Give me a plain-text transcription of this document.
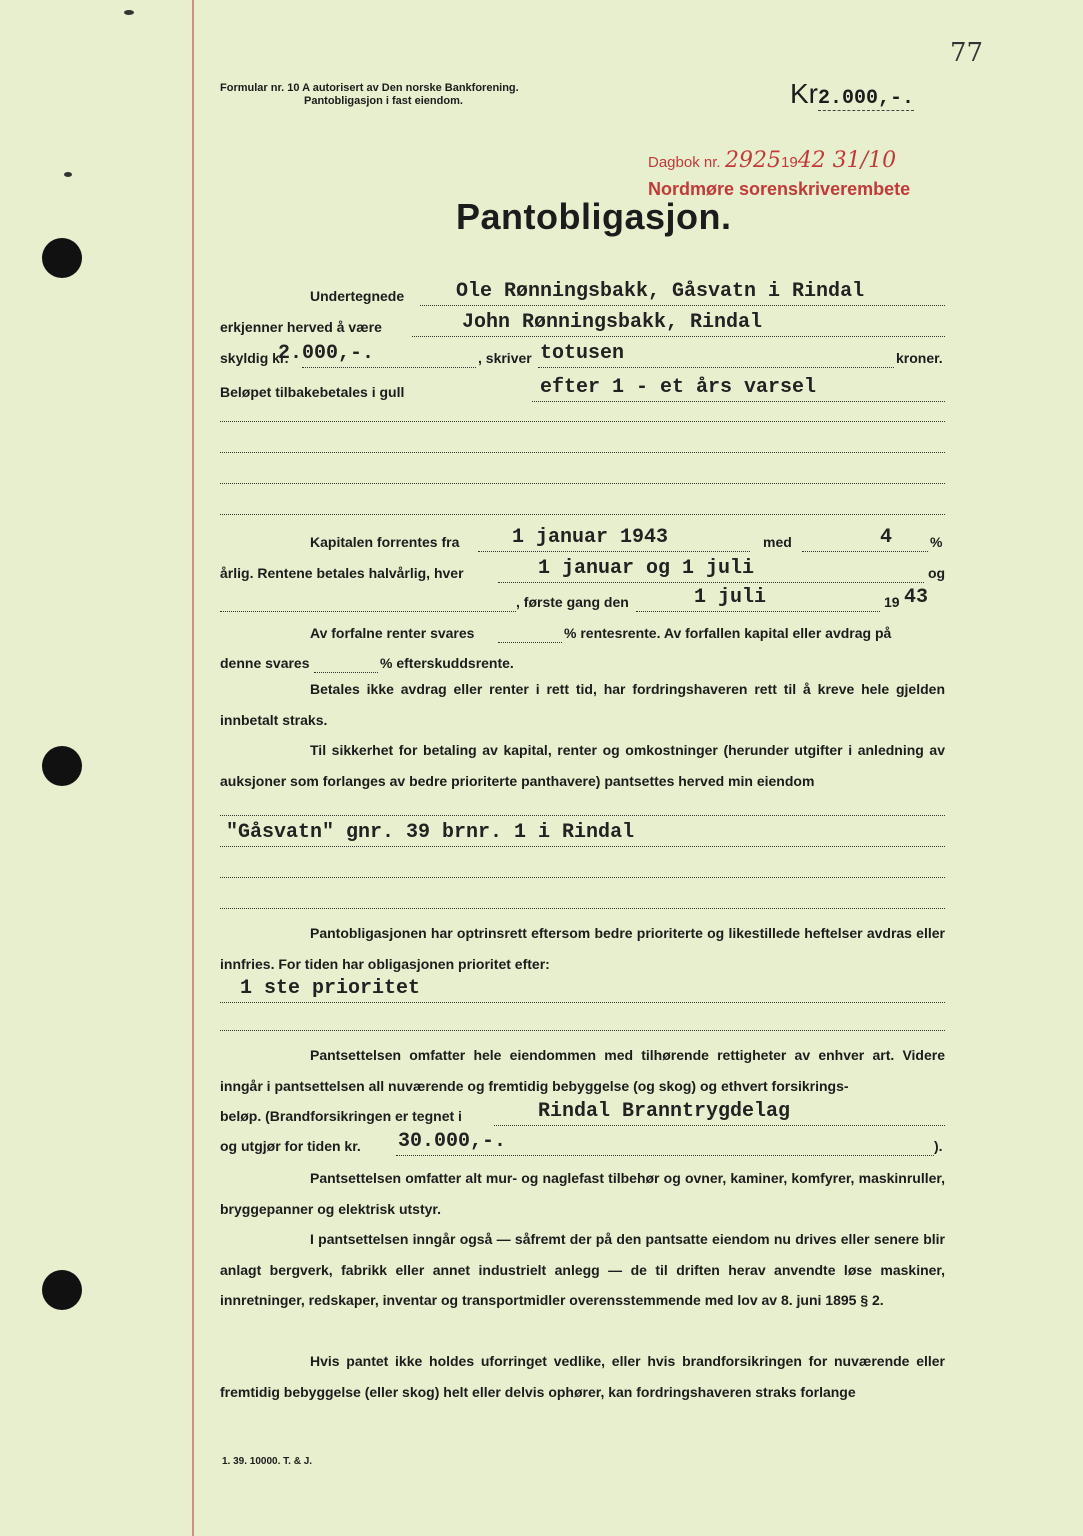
Formular nr. 10 A autorisert av Den norske Bankforening.
Pantobligasjon i fast eiendom.
77
Kr2.000,-.
Dagbok nr. 29251942 31/10
Nordmøre sorenskriverembete
Pantobligasjon.
Undertegnede	Ole Rønningsbakk, Gåsvatn i Rindal
erkjenner herved å være	John Rønningsbakk, Rindal
skyldig kr.
2.000,-.	, skriver totusen	kroner.
Beløpet tilbakebetales i gull	efter 1 - et års varsel
Kapitalen forrentes fra	1 januar 1943	med	4	%
årlig. Rentene betales halvårlig, hver	1 januar og 1 juli	og
, første gang den	1 juli	19 43
Av forfalne renter svares	% rentesrente. Av forfallen kapital eller avdrag på
denne svares	% efterskuddsrente.
Betales ikke avdrag eller renter i rett tid, har fordringshaveren rett til å kreve hele gjelden innbetalt straks.
Til sikkerhet for betaling av kapital, renter og omkostninger (herunder utgifter i anledning av auksjoner som forlanges av bedre prioriterte panthavere) pantsettes herved min eiendom
"Gåsvatn" gnr. 39 brnr. 1 i Rindal
Pantobligasjonen har optrinsrett eftersom bedre prioriterte og likestillede heftelser avdras eller innfries. For tiden har obligasjonen prioritet efter:
1 ste prioritet
Pantsettelsen omfatter hele eiendommen med tilhørende rettigheter av enhver art. Videre inngår i pantsettelsen all nuværende og fremtidig bebyggelse (og skog) og ethvert forsikrings-
beløp. (Brandforsikringen er tegnet i	Rindal Branntrygdelag
og utgjør for tiden kr. 30.000,-.	).
Pantsettelsen omfatter alt mur- og naglefast tilbehør og ovner, kaminer, komfyrer, maskinruller, bryggepanner og elektrisk utstyr.
I pantsettelsen inngår også — såfremt der på den pantsatte eiendom nu drives eller senere blir anlagt bergverk, fabrikk eller annet industrielt anlegg — de til driften herav anvendte løse maskiner, innretninger, redskaper, inventar og transportmidler overensstemmende med lov av 8. juni 1895 § 2.
Hvis pantet ikke holdes uforringet vedlike, eller hvis brandforsikringen for nuværende eller fremtidig bebyggelse (eller skog) helt eller delvis ophører, kan fordringshaveren straks forlange
1. 39. 10000. T. & J.
